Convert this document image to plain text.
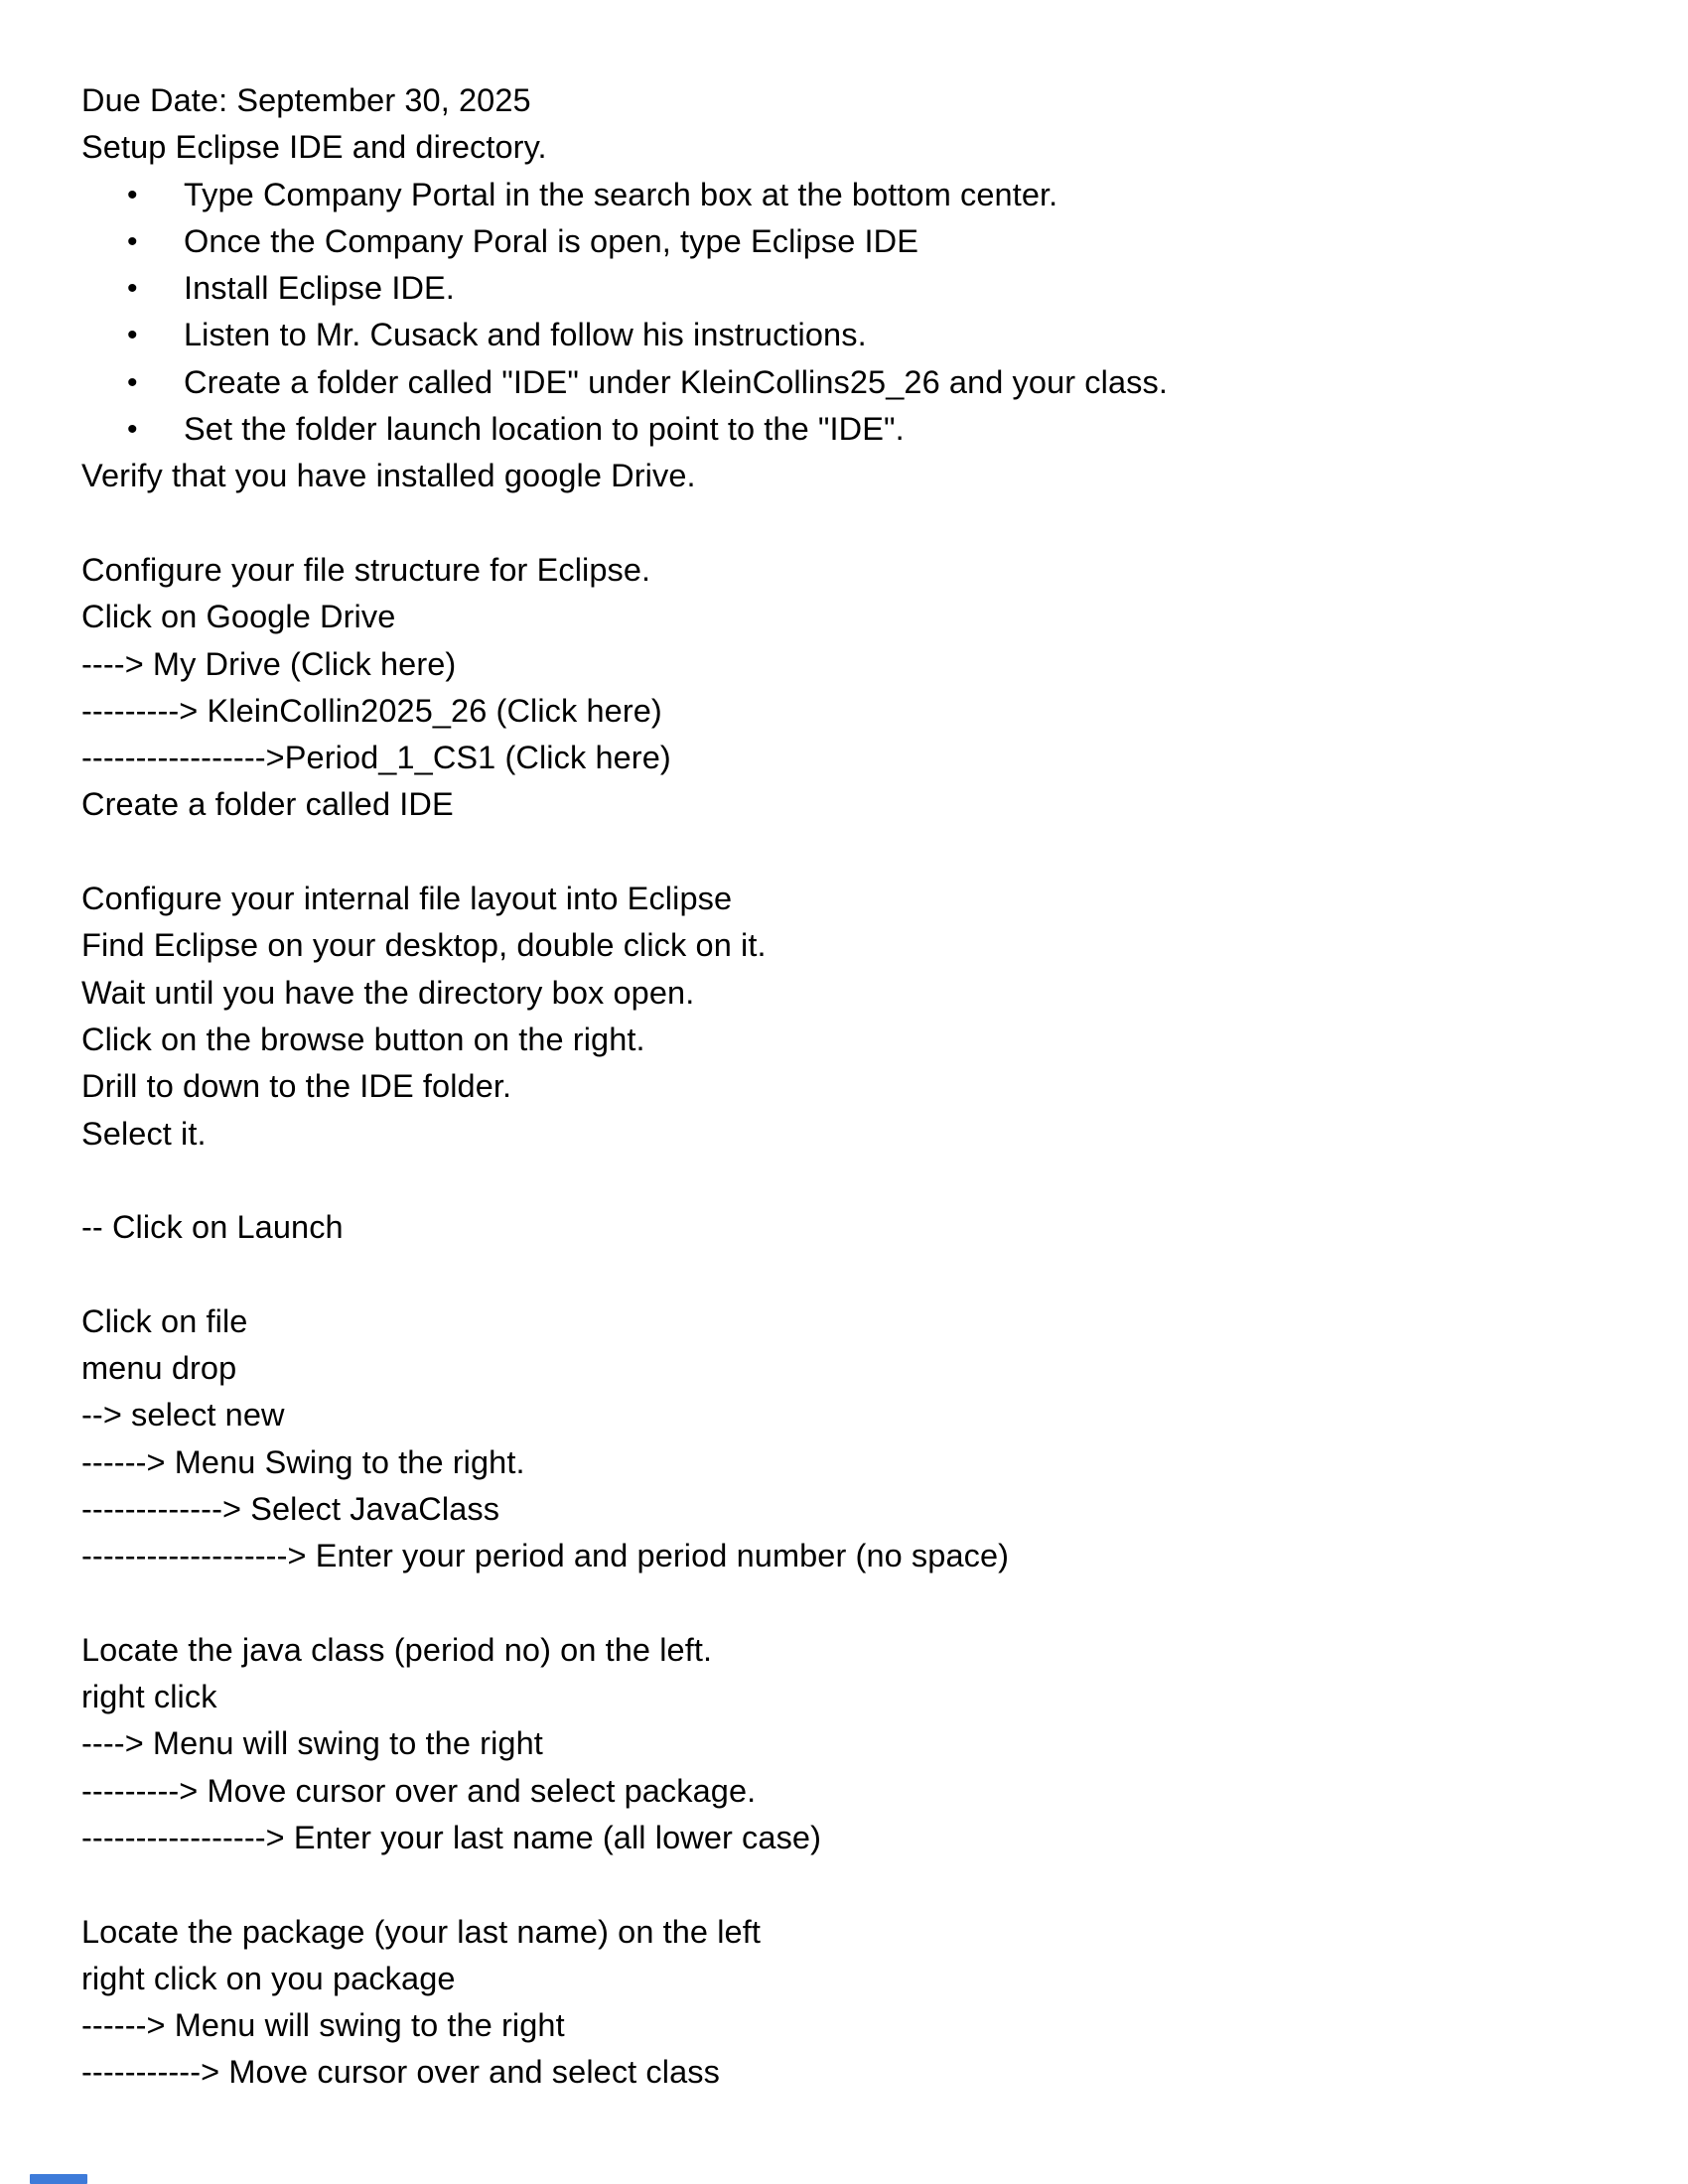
Due Date: September 30, 2025
Setup Eclipse IDE and directory.
•	Type Company Portal in the search box at the bottom center.
•	Once the Company Poral is open, type Eclipse IDE
•	Install Eclipse IDE.
•	Listen to Mr. Cusack and follow his instructions.
•	Create a folder called "IDE" under KleinCollins25_26 and your class.
•	Set the folder launch location to point to the "IDE".
Verify that you have installed google Drive.

Configure your file structure for Eclipse.
Click on Google Drive
----> My Drive (Click here)
---------> KleinCollin2025_26 (Click here)
----------------->Period_1_CS1 (Click here)
Create a folder called IDE

Configure your internal file layout into Eclipse
Find Eclipse on your desktop, double click on it.
Wait until you have the directory box open.
Click on the browse button on the right.
Drill to down to the IDE folder.
Select it.

-- Click on Launch

Click on file
menu drop
--> select new
------> Menu Swing to the right.
-------------> Select JavaClass
-------------------> Enter your period and period number (no space)

Locate the java class (period no) on the left.
right click
----> Menu will swing to the right
---------> Move cursor over and select package.
-----------------> Enter your last name (all lower case)

Locate the package (your last name) on the left
right click on you package
------> Menu will swing to the right
-----------> Move cursor over and select class
